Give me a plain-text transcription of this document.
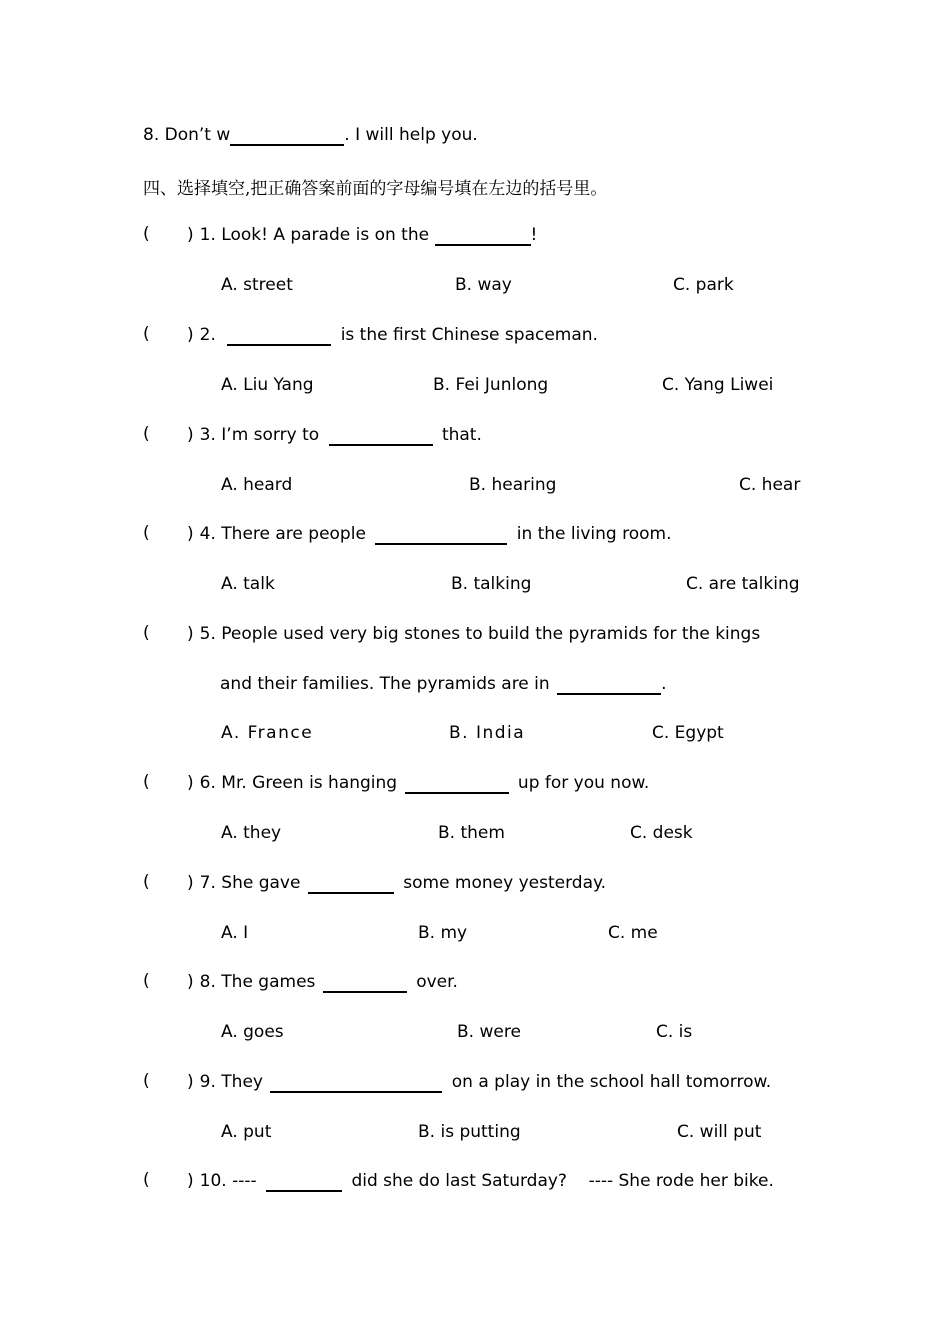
8. Don’t w	. I will help you.
四、选择填空,把正确答案前面的字母编号填在左边的括号里。
( ) 1. Look! A parade is on the	!
A. street	B. way	C. park
( ) 2.	is the first Chinese spaceman.
A. Liu Yang	B. Fei Junlong	C. Yang Liwei
( ) 3. I’m sorry to	that.
A. heard	B. hearing	C. hear
( ) 4. There are people	in the living room.
A. talk	B. talking	C. are talking
( ) 5. People used very big stones to build the pyramids for the kings
and their families. The pyramids are in	.
A. France	B. India	C. Egypt
( ) 6. Mr. Green is hanging	up for you now.
A. they	B. them	C. desk
( ) 7. She gave	some money yesterday.
A. I	B. my	C. me
( ) 8. The games	over.
A. goes	B. were	C. is
( ) 9. They	on a play in the school hall tomorrow.
A. put	B. is putting	C. will put
( ) 10. ----	did she do last Saturday?    ---- She rode her bike.
